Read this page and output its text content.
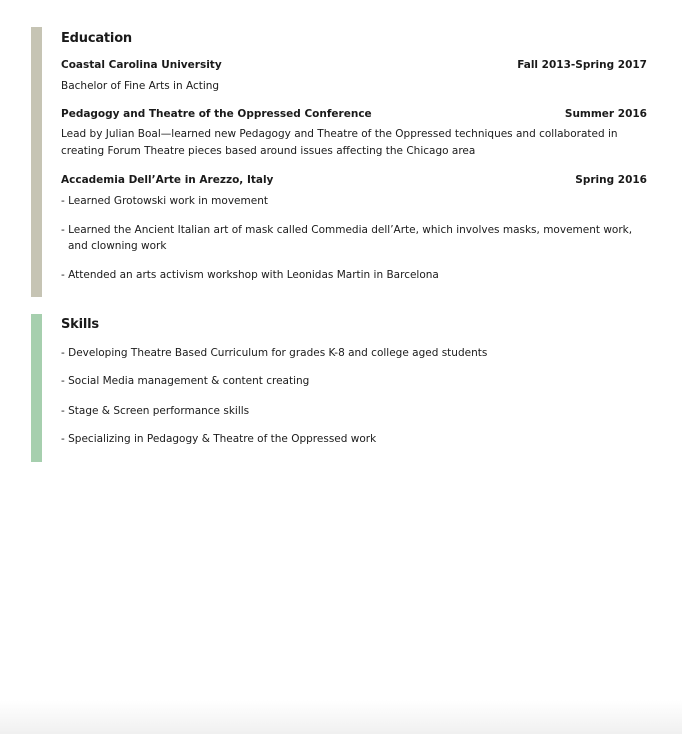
Education
Coastal Carolina University	Fall 2013-Spring 2017
Bachelor of Fine Arts in Acting
Pedagogy and Theatre of the Oppressed Conference	Summer 2016
Lead by Julian Boal—learned new Pedagogy and Theatre of the Oppressed techniques and collaborated in creating Forum Theatre pieces based around issues affecting the Chicago area
Accademia Dell’Arte in Arezzo, Italy	Spring 2016
- Learned Grotowski work in movement
- Learned the Ancient Italian art of mask called Commedia dell’Arte, which involves masks, movement work, and clowning work
- Attended an arts activism workshop with Leonidas Martin in Barcelona
Skills
- Developing Theatre Based Curriculum for grades K-8 and college aged students
- Social Media management & content creating
- Stage & Screen performance skills
- Specializing in Pedagogy & Theatre of the Oppressed work
